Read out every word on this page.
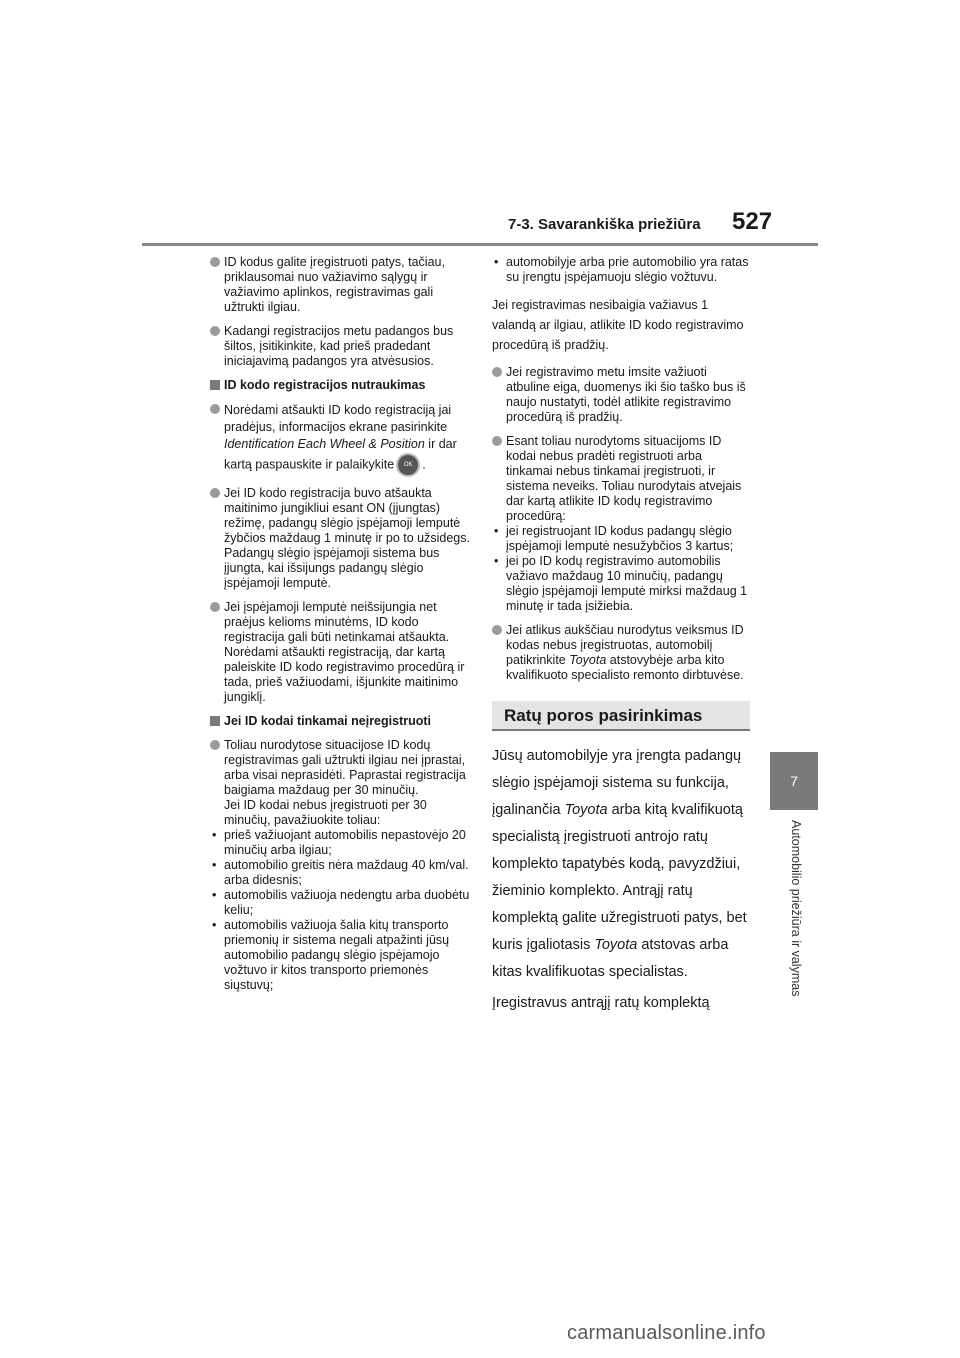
7-3. Savarankiška priežiūra 527
7
Automobilio priežiūra ir valymas
ID kodus galite įregistruoti patys, tačiau, priklausomai nuo važiavimo sąlygų ir važiavimo aplinkos, registravimas gali užtrukti ilgiau.
Kadangi registracijos metu padangos bus šiltos, įsitikinkite, kad prieš pradedant iniciajavimą padangos yra atvėsusios.
ID kodo registracijos nutraukimas
Norėdami atšaukti ID kodo registraciją jai pradėjus, informacijos ekrane pasirinkite Identification Each Wheel & Position ir dar kartą paspauskite ir palaikykite OK .
Jei ID kodo registracija buvo atšaukta maitinimo jungikliui esant ON (įjungtas) režimę, padangų slėgio įspėjamoji lemputė žybčios maždaug 1 minutę ir po to užsidegs. Padangų slėgio įspėjamoji sistema bus įjungta, kai išsijungs padangų slėgio įspėjamoji lemputė.
Jei įspėjamoji lemputė neišsijungia net praėjus kelioms minutėms, ID kodo registracija gali būti netinkamai atšaukta. Norėdami atšaukti registraciją, dar kartą paleiskite ID kodo registravimo procedūrą ir tada, prieš važiuodami, išjunkite maitinimo jungiklį.
Jei ID kodai tinkamai neįregistruoti
Toliau nurodytose situacijose ID kodų registravimas gali užtrukti ilgiau nei įprastai, arba visai neprasidėti. Paprastai registracija baigiama maždaug per 30 minučių.
Jei ID kodai nebus įregistruoti per 30 minučių, pavažiuokite toliau:
• prieš važiuojant automobilis nepastovėjo 20 minučių arba ilgiau;
• automobilio greitis nėra maždaug 40 km/val. arba didesnis;
• automobilis važiuoja nedengtu arba duobėtu keliu;
• automobilis važiuoja šalia kitų transporto priemonių ir sistema negali atpažinti jūsų automobilio padangų slėgio įspėjamojo vožtuvo ir kitos transporto priemonės siųstuvų;
• automobilyje arba prie automobilio yra ratas su įrengtu įspėjamuoju slėgio vožtuvu.
Jei registravimas nesibaigia važiavus 1 valandą ar ilgiau, atlikite ID kodo registravimo procedūrą iš pradžių.
Jei registravimo metu imsite važiuoti atbuline eiga, duomenys iki šio taško bus iš naujo nustatyti, todėl atlikite registravimo procedūrą iš pradžių.
Esant toliau nurodytoms situacijoms ID kodai nebus pradėti registruoti arba tinkamai nebus tinkamai įregistruoti, ir sistema neveiks. Toliau nurodytais atvejais dar kartą atlikite ID kodų registravimo procedūrą:
• jei registruojant ID kodus padangų slėgio įspėjamoji lemputė nesužybčios 3 kartus;
• jei po ID kodų registravimo automobilis važiavo maždaug 10 minučių, padangų slėgio įspėjamoji lemputė mirksi maždaug 1 minutę ir tada įsižiebia.
Jei atlikus aukščiau nurodytus veiksmus ID kodas nebus įregistruotas, automobilį patikrinkite Toyota atstovybėje arba kito kvalifikuoto specialisto remonto dirbtuvėse.
Ratų poros pasirinkimas
Jūsų automobilyje yra įrengta padangų slėgio įspėjamoji sistema su funkcija, įgalinančia Toyota arba kitą kvalifikuotą specialistą įregistruoti antrojo ratų komplekto tapatybės kodą, pavyzdžiui, žieminio komplekto. Antrąjį ratų komplektą galite užregistruoti patys, bet kuris įgaliotasis Toyota atstovas arba kitas kvalifikuotas specialistas.
Įregistravus antrąjį ratų komplektą
carmanualsonline.info
